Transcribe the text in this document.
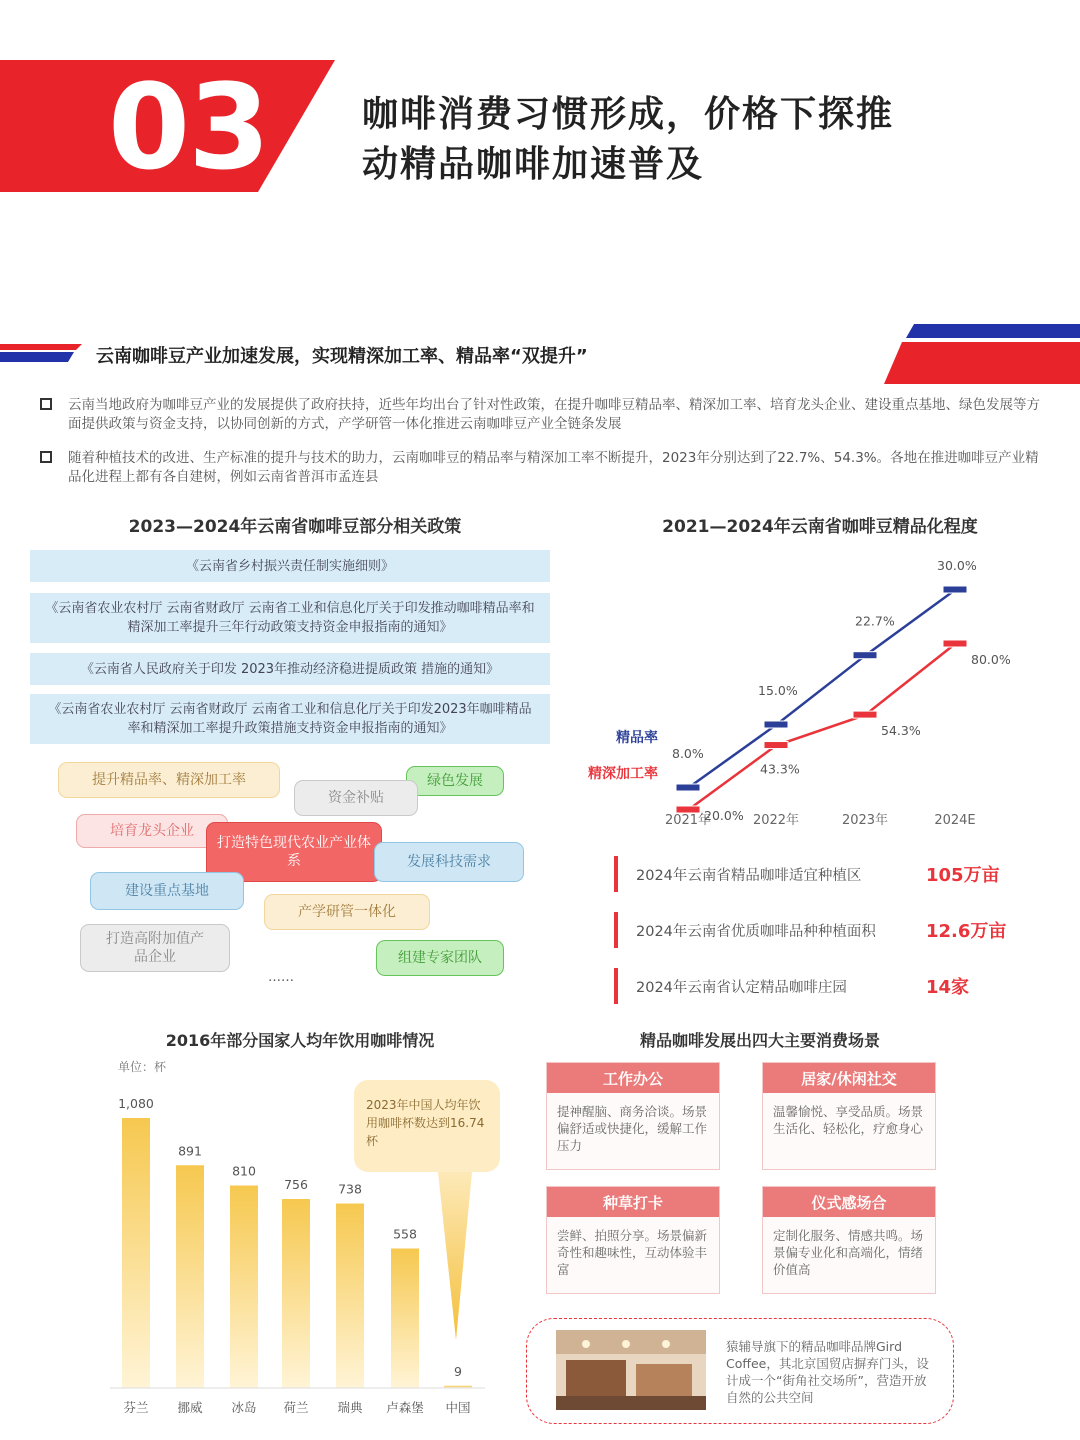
03	咖啡消费习惯形成，价格下探推
动精品咖啡加速普及
云南咖啡豆产业加速发展，实现精深加工率、精品率“双提升”
云南当地政府为咖啡豆产业的发展提供了政府扶持，近些年均出台了针对性政策，在提升咖啡豆精品率、精深加工率、培育龙头企业、建设重点基地、绿色发展等方面提供政策与资金支持，以协同创新的方式，产学研管一体化推进云南咖啡豆产业全链条发展
随着种植技术的改进、生产标准的提升与技术的助力，云南咖啡豆的精品率与精深加工率不断提升，2023年分别达到了22.7%、54.3%。各地在推进咖啡豆产业精品化进程上都有各自建树，例如云南省普洱市孟连县
2023—2024年云南省咖啡豆部分相关政策
《云南省乡村振兴责任制实施细则》
《云南省农业农村厅 云南省财政厅 云南省工业和信息化厅关于印发推动咖啡精品率和精深加工率提升三年行动政策支持资金申报指南的通知》
《云南省人民政府关于印发 2023年推动经济稳进提质政策 措施的通知》
《云南省农业农村厅 云南省财政厅 云南省工业和信息化厅关于印发2023年咖啡精品率和精深加工率提升政策措施支持资金申报指南的通知》
提升精品率、精深加工率	绿色发展
资金补贴
培育龙头企业
打造特色现代农业产业体系	发展科技需求
建设重点基地
产学研管一体化
打造高附加值产品企业	组建专家团队
……
2021—2024年云南省咖啡豆精品化程度
8.0%
15.0%
22.7%
30.0%
精品率
20.0%
43.3%
54.3%
80.0%
精深加工率
2021年	2022年	2023年	2024E
2024年云南省精品咖啡适宜种植区	105万亩
2024年云南省优质咖啡品种种植面积	12.6万亩
2024年云南省认定精品咖啡庄园	14家
2016年部分国家人均年饮用咖啡情况
单位：杯
1,080
芬兰
891
挪威
810
冰岛
756
荷兰
738
瑞典
558
卢森堡
9
中国
2023年中国人均年饮用咖啡杯数达到16.74杯
精品咖啡发展出四大主要消费场景
工作办公
提神醒脑、商务洽谈。场景偏舒适或快捷化，缓解工作压力
居家/休闲社交
温馨愉悦、享受品质。场景生活化、轻松化，疗愈身心
种草打卡
尝鲜、拍照分享。场景偏新奇性和趣味性，互动体验丰富
仪式感场合
定制化服务、情感共鸣。场景偏专业化和高端化，情绪价值高
猿辅导旗下的精品咖啡品牌Gird Coffee，其北京国贸店摒弃门头，设计成一个“街角社交场所”，营造开放自然的公共空间
